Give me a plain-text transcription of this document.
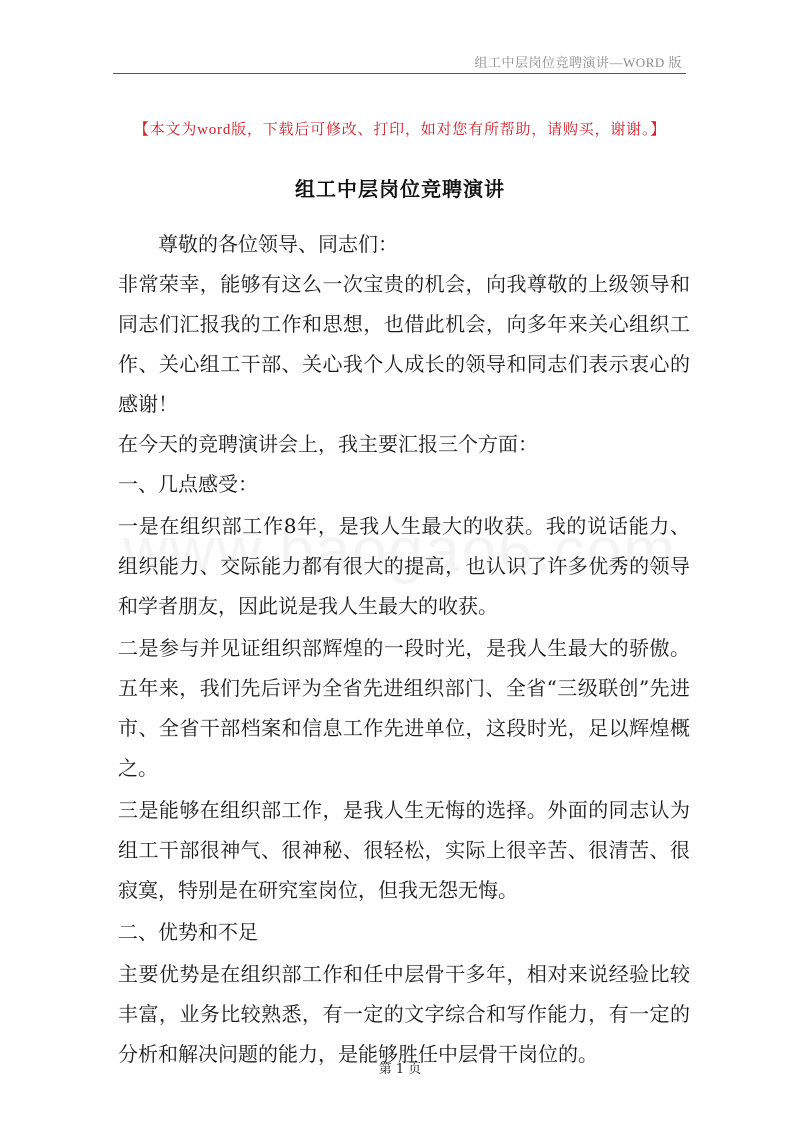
组工中层岗位竞聘演讲—WORD 版
【本文为word版，下载后可修改、打印，如对您有所帮助，请购买，谢谢。】
组工中层岗位竞聘演讲

尊敬的各位领导、同志们：

非常荣幸，能够有这么一次宝贵的机会，向我尊敬的上级领导和同志们汇报我的工作和思想，也借此机会，向多年来关心组织工作、关心组工干部、关心我个人成长的领导和同志们表示衷心的感谢！

在今天的竞聘演讲会上，我主要汇报三个方面：

一、几点感受：

一是在组织部工作8年，是我人生最大的收获。我的说话能力、组织能力、交际能力都有很大的提高，也认识了许多优秀的领导和学者朋友，因此说是我人生最大的收获。

二是参与并见证组织部辉煌的一段时光，是我人生最大的骄傲。五年来，我们先后评为全省先进组织部门、全省“三级联创”先进市、全省干部档案和信息工作先进单位，这段时光，足以辉煌概之。

三是能够在组织部工作，是我人生无悔的选择。外面的同志认为组工干部很神气、很神秘、很轻松，实际上很辛苦、很清苦、很寂寞，特别是在研究室岗位，但我无怨无悔。

二、优势和不足

主要优势是在组织部工作和任中层骨干多年，相对来说经验比较丰富，业务比较熟悉，有一定的文字综合和写作能力，有一定的分析和解决问题的能力，是能够胜任中层骨干岗位的。

第 1 页
